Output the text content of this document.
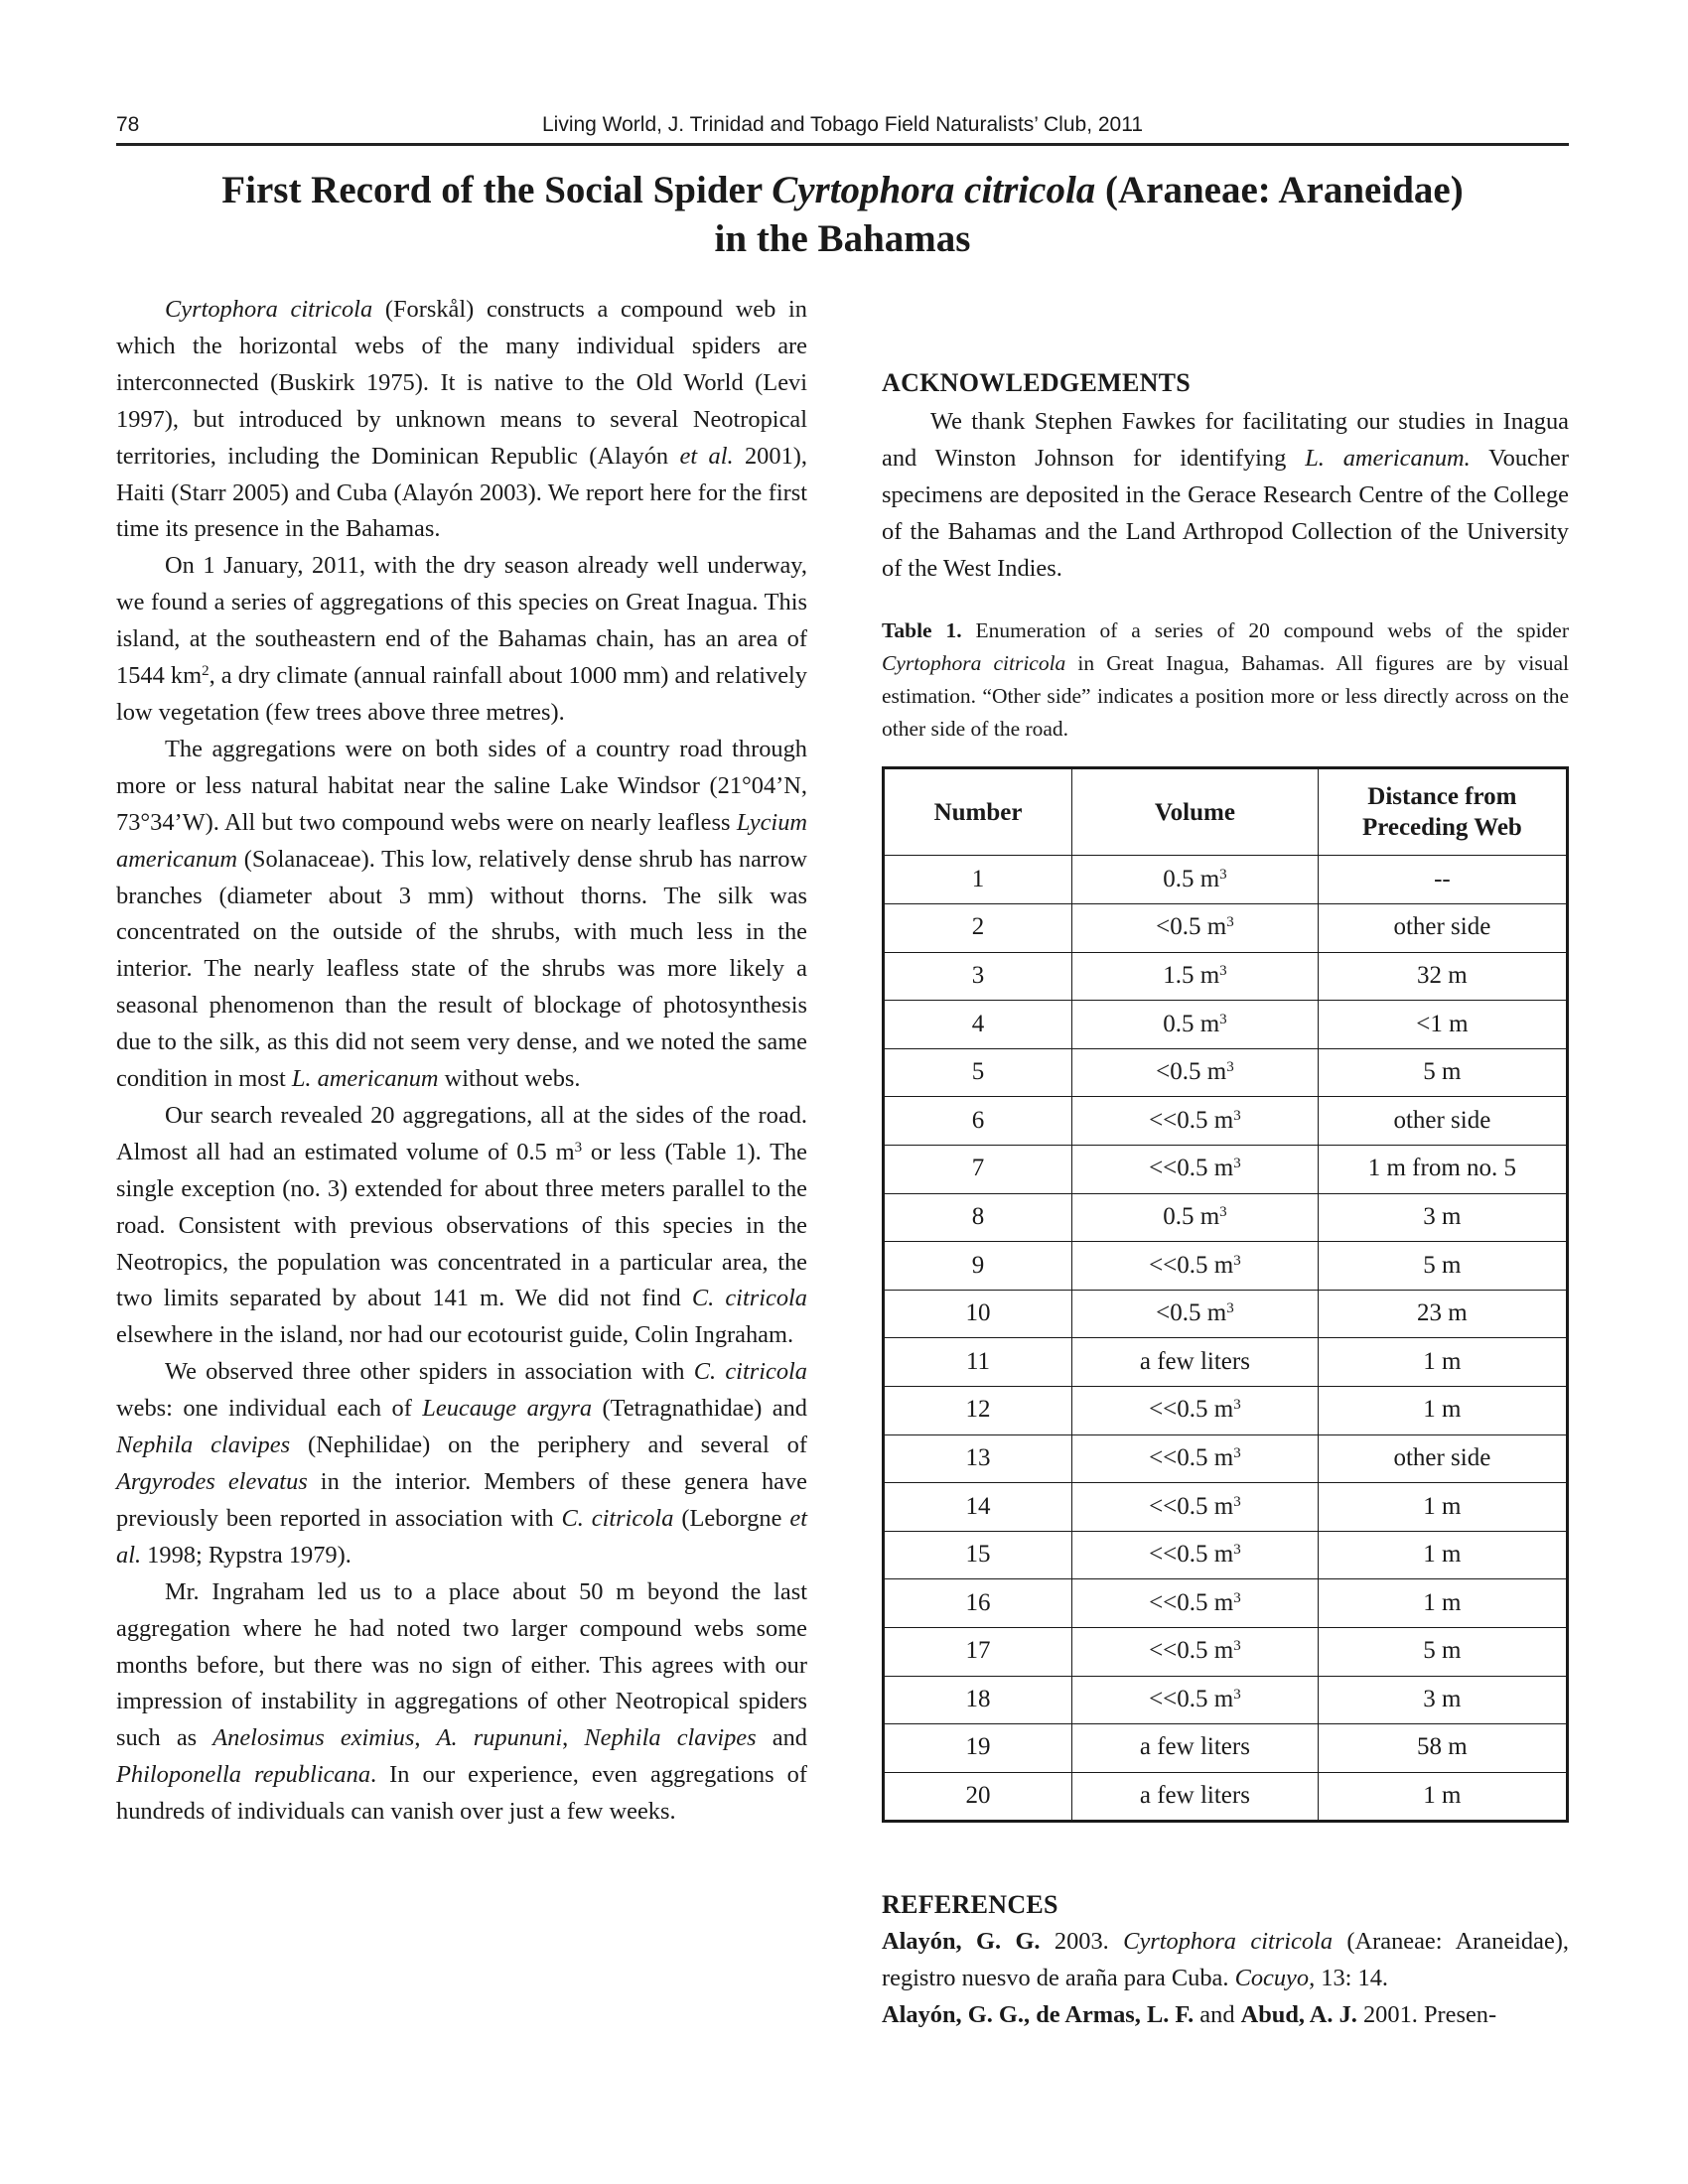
78	Living World, J. Trinidad and Tobago Field Naturalists’ Club, 2011
First Record of the Social Spider Cyrtophora citricola (Araneae: Araneidae)
in the Bahamas

Cyrtophora citricola (Forskål) constructs a compound web in which the horizontal webs of the many individual spiders are interconnected (Buskirk 1975). It is native to the Old World (Levi 1997), but introduced by unknown means to several Neotropical territories, including the Dominican Republic (Alayón et al. 2001), Haiti (Starr 2005) and Cuba (Alayón 2003). We report here for the first time its presence in the Bahamas.

On 1 January, 2011, with the dry season already well underway, we found a series of aggregations of this species on Great Inagua. This island, at the southeastern end of the Bahamas chain, has an area of 1544 $km^2$, a dry climate (annual rainfall about 1000 mm) and relatively low vegetation (few trees above three metres).

The aggregations were on both sides of a country road through more or less natural habitat near the saline Lake Windsor (21°04’N, 73°34’W). All but two compound webs were on nearly leafless Lycium americanum (Solanaceae). This low, relatively dense shrub has narrow branches (diameter about 3 mm) without thorns. The silk was concentrated on the outside of the shrubs, with much less in the interior. The nearly leafless state of the shrubs was more likely a seasonal phenomenon than the result of blockage of photosynthesis due to the silk, as this did not seem very dense, and we noted the same condition in most L. americanum without webs.

Our search revealed 20 aggregations, all at the sides of the road. Almost all had an estimated volume of 0.5 $m^3$ or less (Table 1). The single exception (no. 3) extended for about three meters parallel to the road. Consistent with previous observations of this species in the Neotropics, the population was concentrated in a particular area, the two limits separated by about 141 m. We did not find C. citricola elsewhere in the island, nor had our ecotourist guide, Colin Ingraham.

We observed three other spiders in association with C. citricola webs: one individual each of Leucauge argyra (Tetragnathidae) and Nephila clavipes (Nephilidae) on the periphery and several of Argyrodes elevatus in the interior. Members of these genera have previously been reported in association with C. citricola (Leborgne et al. 1998; Rypstra 1979).

Mr. Ingraham led us to a place about 50 m beyond the last aggregation where he had noted two larger compound webs some months before, but there was no sign of either. This agrees with our impression of instability in aggregations of other Neotropical spiders such as Anelosimus eximius, A. rupununi, Nephila clavipes and Philoponella republicana. In our experience, even aggregations of hundreds of individuals can vanish over just a few weeks.

ACKNOWLEDGEMENTS

We thank Stephen Fawkes for facilitating our studies in Inagua and Winston Johnson for identifying L. americanum. Voucher specimens are deposited in the Gerace Research Centre of the College of the Bahamas and the Land Arthropod Collection of the University of the West Indies.

Table 1. Enumeration of a series of 20 compound webs of the spider Cyrtophora citricola in Great Inagua, Bahamas. All figures are by visual estimation. “Other side” indicates a position more or less directly across on the other side of the road.
Number	Volume	Distance from Preceding Web
1	0.5 $m^3$	--
2	<0.5 $m^3$	other side
3	1.5 $m^3$	32 m
4	0.5 $m^3$	<1 m
5	<0.5 $m^3$	5 m
6	<<0.5 $m^3$	other side
7	<<0.5 $m^3$	1 m from no. 5
8	0.5 $m^3$	3 m
9	<<0.5 $m^3$	5 m
10	<0.5 $m^3$	23 m
11	a few liters	1 m
12	<<0.5 $m^3$	1 m
13	<<0.5 $m^3$	other side
14	<<0.5 $m^3$	1 m
15	<<0.5 $m^3$	1 m
16	<<0.5 $m^3$	1 m
17	<<0.5 $m^3$	5 m
18	<<0.5 $m^3$	3 m
19	a few liters	58 m
20	a few liters	1 m
REFERENCES

Alayón, G. G. 2003. Cyrtophora citricola (Araneae: Araneidae), registro nuesvo de araña para Cuba. Cocuyo, 13: 14.

Alayón, G. G., de Armas, L. F. and Abud, A. J. 2001. Presen-
